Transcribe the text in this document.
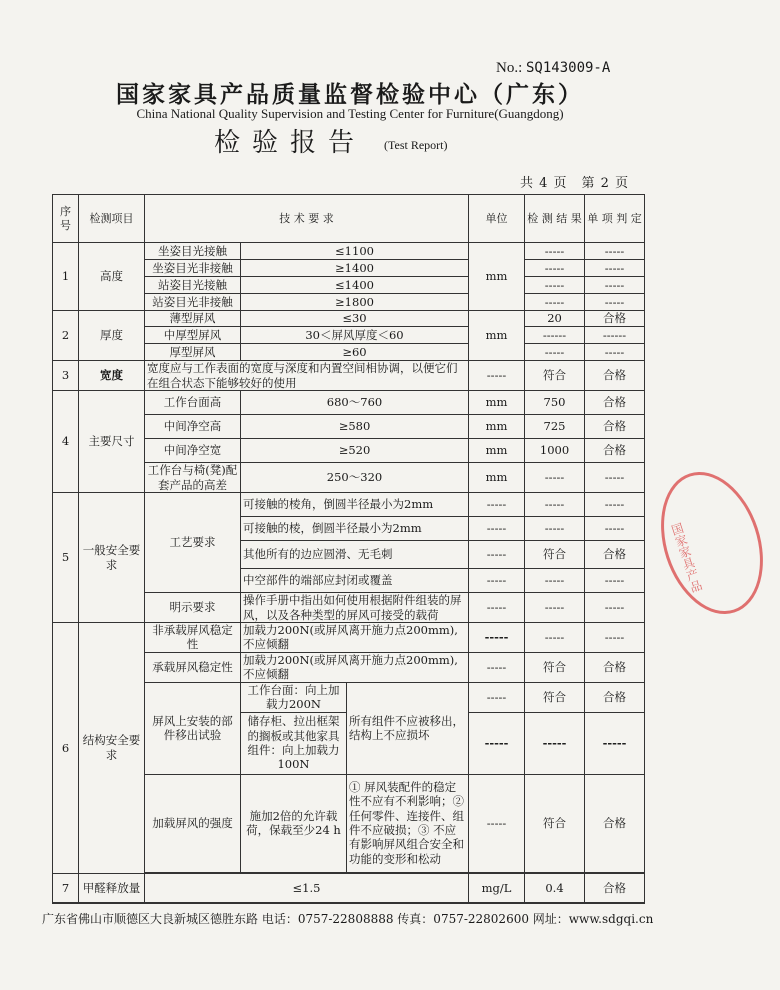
No.: SQ143009-A
国家家具产品质量监督检验中心（广东）
China National Quality Supervision and Testing Center for Furniture(Guangdong)
检验报告 (Test Report)
共 4 页　第 2 页
序号	检测项目	技 术 要 求			单位	检 测 结 果	单 项 判 定
1	高度	坐姿目光接触	≤1100		mm	-----	-----
		坐姿目光非接触	≥1400			-----	-----
		站姿目光接触	≤1400			-----	-----
		站姿目光非接触	≥1800			-----	-----
2	厚度	薄型屏风	≤30		mm	20	合格
		中厚型屏风	30＜屏风厚度＜60			------	------
		厚型屏风	≥60			-----	-----
3	宽度	宽度应与工作表面的宽度与深度和内置空间相协调，以便它们在组合状态下能够较好的使用			-----	符合	合格
4	主要尺寸	工作台面高	680～760		mm	750	合格
		中间净空高	≥580		mm	725	合格
		中间净空宽	≥520		mm	1000	合格
		工作台与椅(凳)配套产品的高差	250～320		mm	-----	-----
5	一般安全要求	工艺要求	可接触的棱角，倒圆半径最小为2mm		-----	-----	-----
			可接触的棱，倒圆半径最小为2mm		-----	-----	-----
			其他所有的边应圆滑、无毛刺		-----	符合	合格
			中空部件的端部应封闭或覆盖		-----	-----	-----
		明示要求	操作手册中指出如何使用根据附件组装的屏风，以及各种类型的屏风可接受的载荷		-----	-----	-----
6	结构安全要求	非承载屏风稳定性	加载力200N(或屏风离开施力点200mm),不应倾翻		-----	-----	-----
		承载屏风稳定性	加载力200N(或屏风离开施力点200mm),不应倾翻		-----	符合	合格
		屏风上安装的部件移出试验	工作台面：向上加载力200N	所有组件不应被移出，结构上不应损坏	-----	符合	合格
			储存柜、拉出框架的搁板或其他家具组件：向上加载力100N		-----	-----	-----
		加载屏风的强度	施加2倍的允许载荷，保载至少24 h	① 屏风装配件的稳定性不应有不利影响；② 任何零件、连接件、组件不应破损；③ 不应有影响屏风组合安全和功能的变形和松动	-----	符合	合格

7	甲醛释放量	≤1.5			mg/L	0.4	合格
广东省佛山市顺德区大良新城区德胜东路 电话：0757-22808888 传真：0757-22802600 网址：www.sdgqi.cn
国家家具产品
